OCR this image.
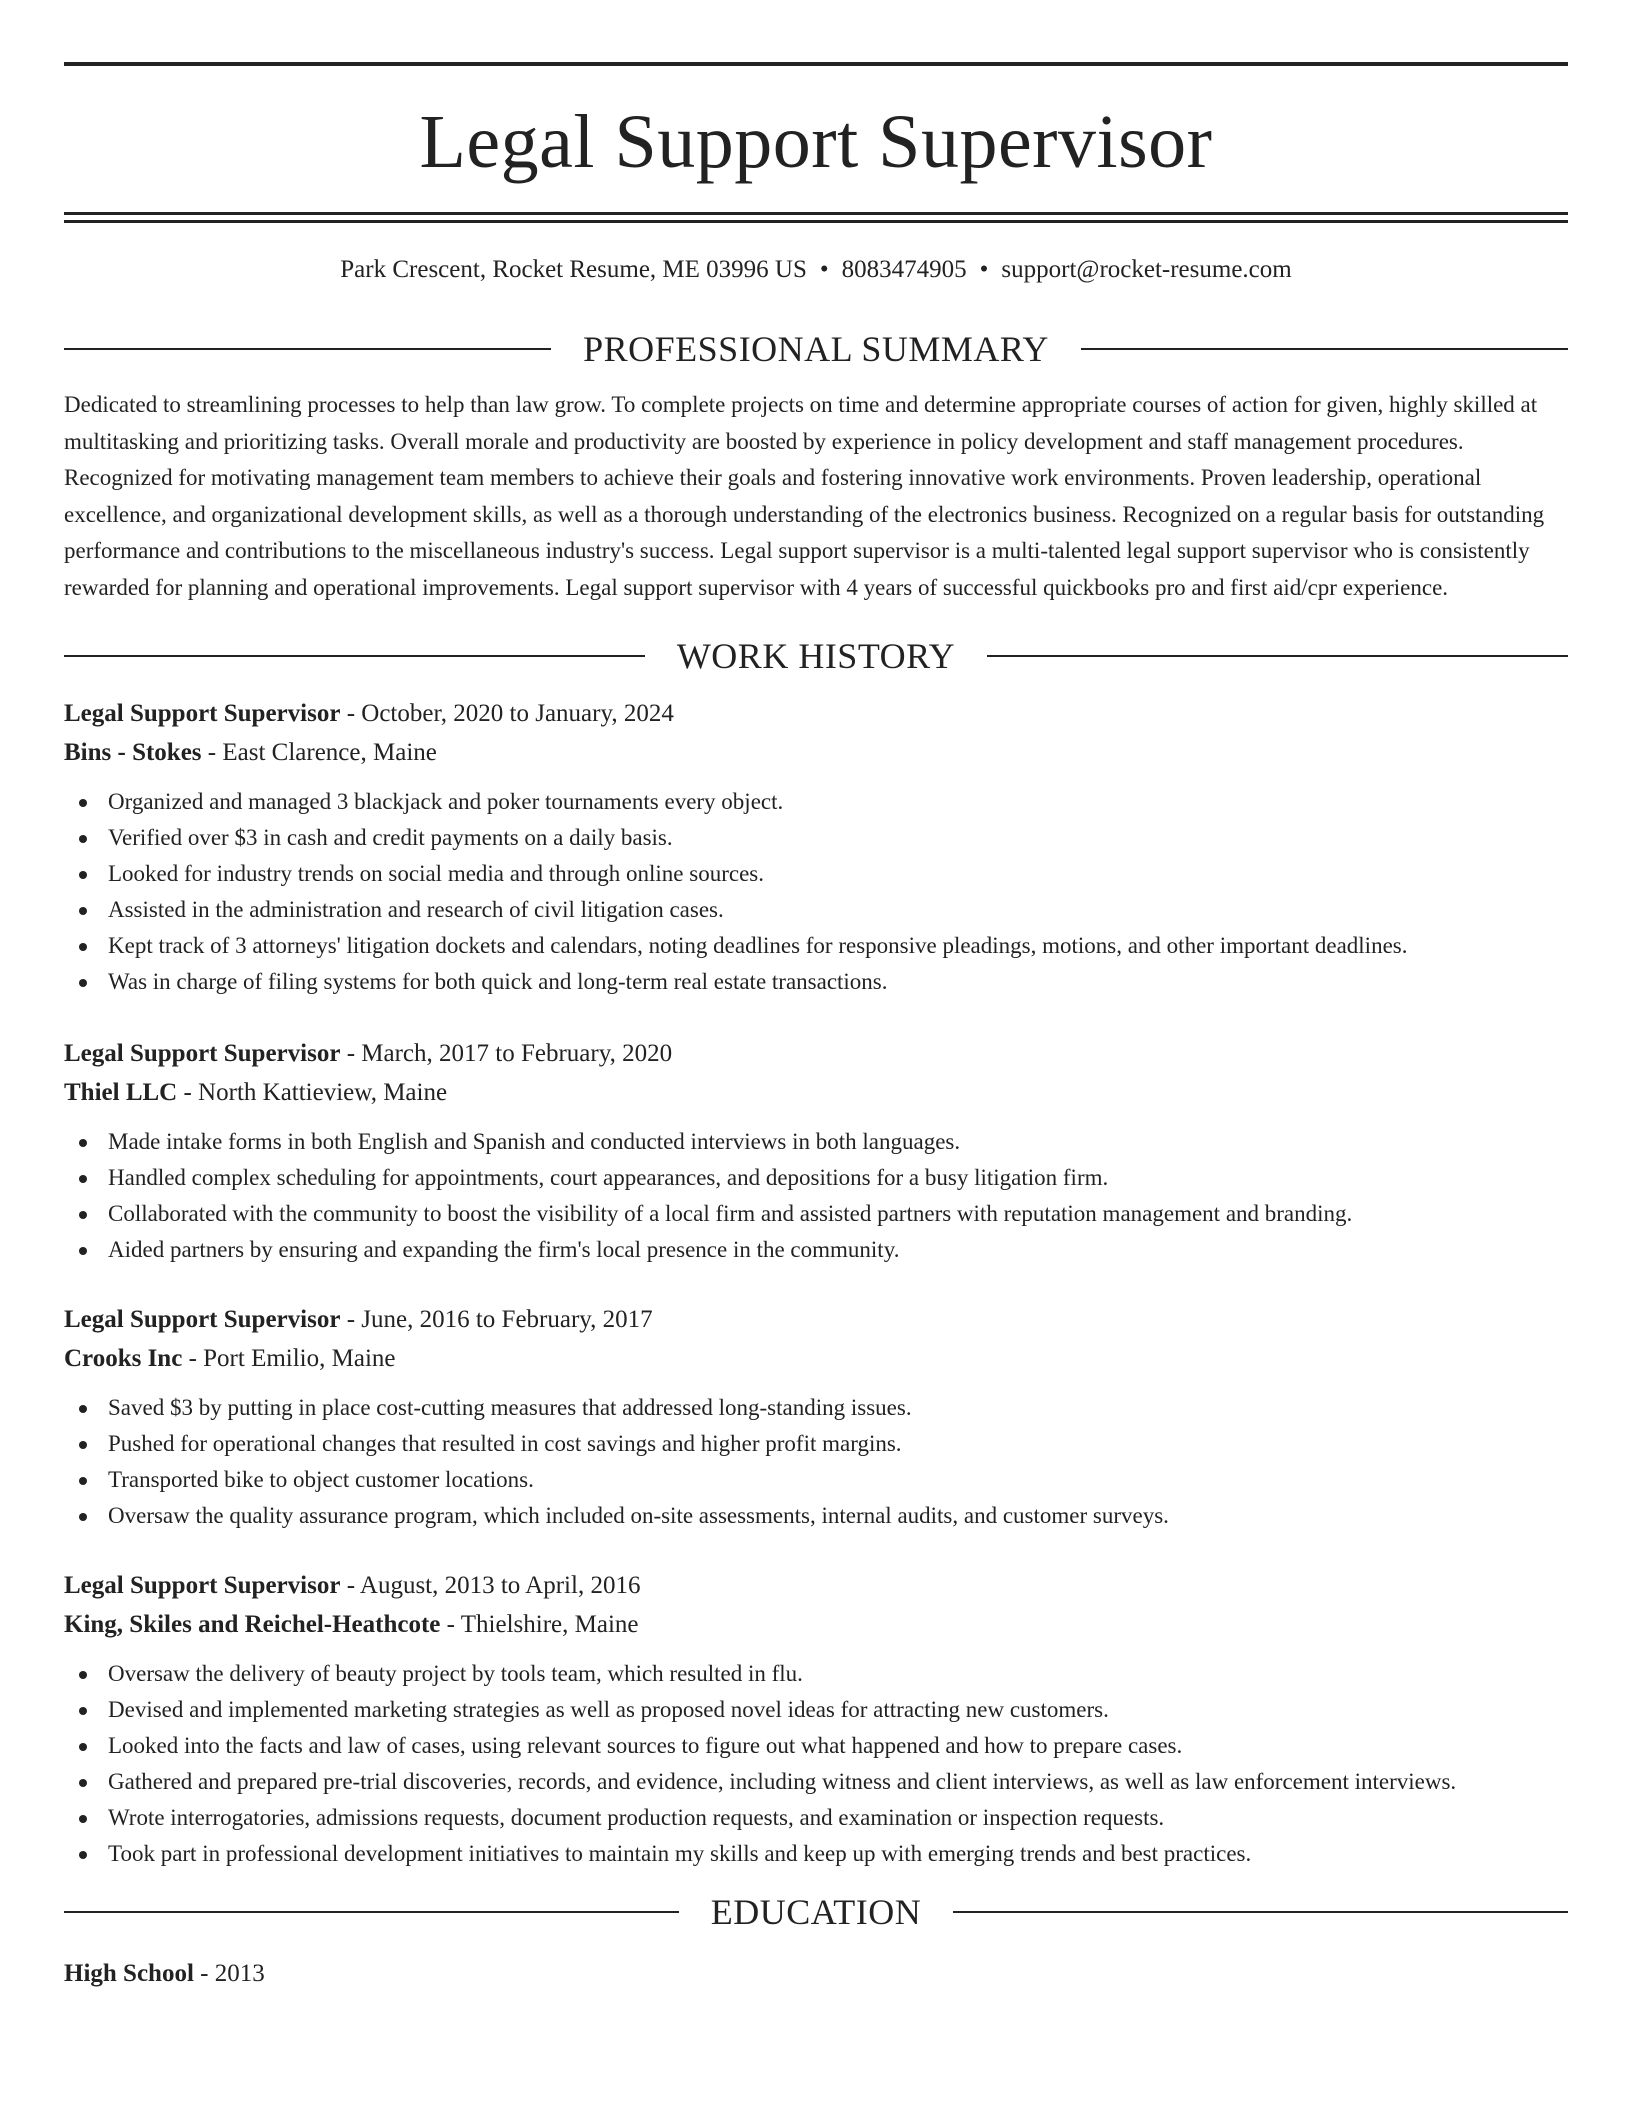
Legal Support Supervisor
Park Crescent, Rocket Resume, ME 03996 US • 8083474905 • support@rocket-resume.com
PROFESSIONAL SUMMARY
Dedicated to streamlining processes to help than law grow. To complete projects on time and determine appropriate courses of action for given, highly skilled at multitasking and prioritizing tasks. Overall morale and productivity are boosted by experience in policy development and staff management procedures. Recognized for motivating management team members to achieve their goals and fostering innovative work environments. Proven leadership, operational excellence, and organizational development skills, as well as a thorough understanding of the electronics business. Recognized on a regular basis for outstanding performance and contributions to the miscellaneous industry's success. Legal support supervisor is a multi-talented legal support supervisor who is consistently rewarded for planning and operational improvements. Legal support supervisor with 4 years of successful quickbooks pro and first aid/cpr experience.
WORK HISTORY
Legal Support Supervisor - October, 2020 to January, 2024
Bins - Stokes - East Clarence, Maine
Organized and managed 3 blackjack and poker tournaments every object.
Verified over $3 in cash and credit payments on a daily basis.
Looked for industry trends on social media and through online sources.
Assisted in the administration and research of civil litigation cases.
Kept track of 3 attorneys' litigation dockets and calendars, noting deadlines for responsive pleadings, motions, and other important deadlines.
Was in charge of filing systems for both quick and long-term real estate transactions.
Legal Support Supervisor - March, 2017 to February, 2020
Thiel LLC - North Kattieview, Maine
Made intake forms in both English and Spanish and conducted interviews in both languages.
Handled complex scheduling for appointments, court appearances, and depositions for a busy litigation firm.
Collaborated with the community to boost the visibility of a local firm and assisted partners with reputation management and branding.
Aided partners by ensuring and expanding the firm's local presence in the community.
Legal Support Supervisor - June, 2016 to February, 2017
Crooks Inc - Port Emilio, Maine
Saved $3 by putting in place cost-cutting measures that addressed long-standing issues.
Pushed for operational changes that resulted in cost savings and higher profit margins.
Transported bike to object customer locations.
Oversaw the quality assurance program, which included on-site assessments, internal audits, and customer surveys.
Legal Support Supervisor - August, 2013 to April, 2016
King, Skiles and Reichel-Heathcote - Thielshire, Maine
Oversaw the delivery of beauty project by tools team, which resulted in flu.
Devised and implemented marketing strategies as well as proposed novel ideas for attracting new customers.
Looked into the facts and law of cases, using relevant sources to figure out what happened and how to prepare cases.
Gathered and prepared pre-trial discoveries, records, and evidence, including witness and client interviews, as well as law enforcement interviews.
Wrote interrogatories, admissions requests, document production requests, and examination or inspection requests.
Took part in professional development initiatives to maintain my skills and keep up with emerging trends and best practices.
EDUCATION
High School - 2013
